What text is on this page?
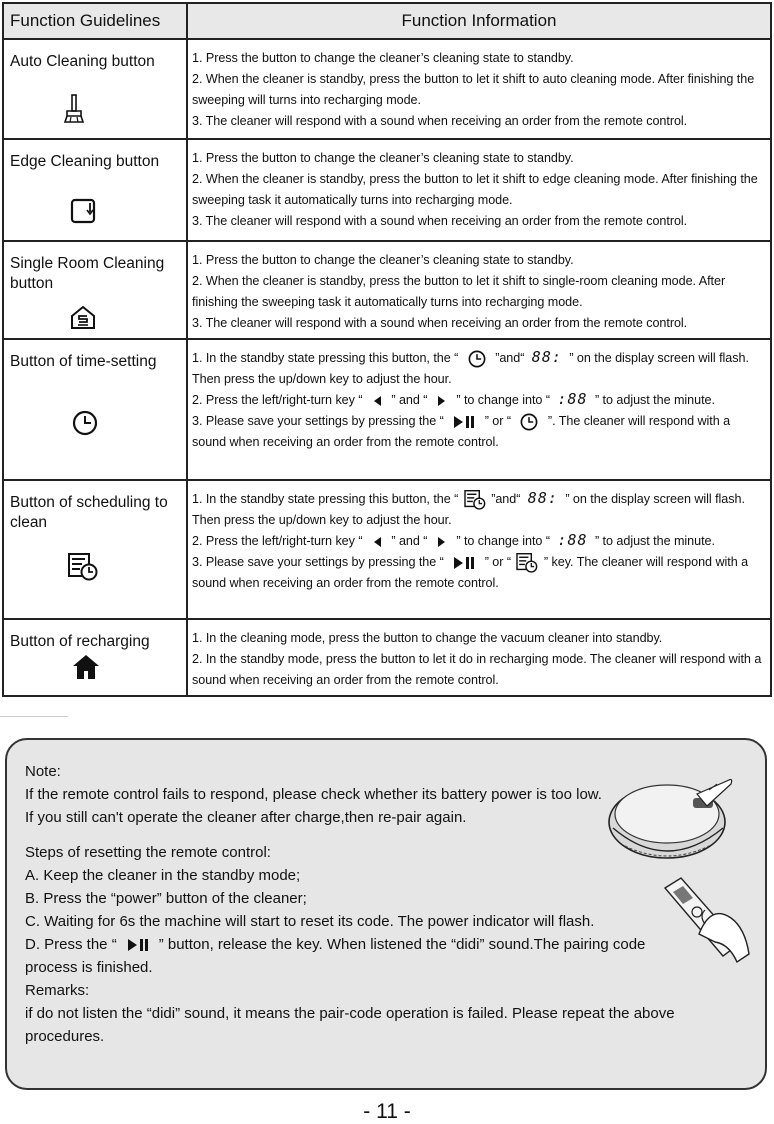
Function Guidelines	Function Information
Auto Cleaning button	1. Press the button to change the cleaner’s cleaning state to standby.
2. When the cleaner is standby, press the button to let it shift to auto cleaning mode. After finishing the sweeping will turns into recharging mode.
3. The cleaner will respond with a sound when receiving an order from the remote control.

Edge Cleaning button	1. Press the button to change the cleaner’s cleaning state to standby.
2. When the cleaner is standby, press the button to let it shift to edge cleaning mode. After finishing the sweeping task it automatically turns into recharging mode.
3. The cleaner will respond with a sound when receiving an order from the remote control.

Single Room Cleaning button	1. Press the button to change the cleaner’s cleaning state to standby.
2. When the cleaner is standby, press the button to let it shift to single-room cleaning mode. After finishing the sweeping task it automatically turns into recharging mode.
3. The cleaner will respond with a sound when receiving an order from the remote control.

Button of time-setting	1. In the standby state pressing this button, the “ ”and“ 88: ” on the display screen will flash. Then press the up/down key to adjust the hour.
2. Press the left/right-turn key “ ” and “ ” to change into “ :88 ” to adjust the minute.
3. Please save your settings by pressing the “ ” or “ ”. The cleaner will respond with a sound when receiving an order from the remote control.

Button of scheduling to clean	1. In the standby state pressing this button, the “ ”and“ 88: ” on the display screen will flash. Then press the up/down key to adjust the hour.
2. Press the left/right-turn key “ ” and “ ” to change into “ :88 ” to adjust the minute.
3. Please save your settings by pressing the “ ” or “ ” key. The cleaner will respond with a sound when receiving an order from the remote control.

Button of recharging	1. In the cleaning mode, press the button to change the vacuum cleaner into standby.
2. In the standby mode, press the button to let it do in recharging mode. The cleaner will respond with a sound when receiving an order from the remote control.

Note:

If the remote control fails to respond, please check whether its battery power is too low. If you still can't operate the cleaner after charge,then re-pair again.

Steps of resetting the remote control:

A. Keep the cleaner in the standby mode;

B. Press the “power” button of the cleaner;

C. Waiting for 6s the machine will start to reset its code. The power indicator will flash.

D. Press the “	” button, release the key. When listened the “didi” sound.The pairing code process is finished.

Remarks:

if do not listen the “didi” sound, it means the pair-code operation is failed. Please repeat the above procedures.

- 11 -
